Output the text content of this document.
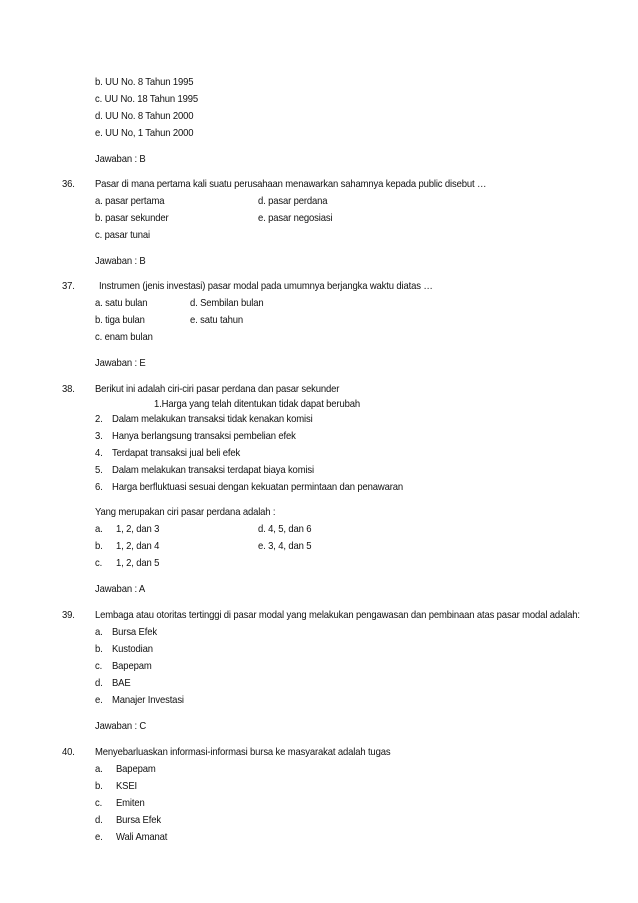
b. UU No. 8 Tahun 1995
c. UU No. 18 Tahun 1995
d. UU No. 8 Tahun 2000
e. UU No, 1 Tahun 2000
Jawaban : B
36. Pasar di mana pertama kali suatu perusahaan menawarkan sahamnya kepada public disebut …
a. pasar pertama	d. pasar perdana
b. pasar sekunder	e. pasar negosiasi
c. pasar tunai
Jawaban : B
37. Instrumen (jenis investasi) pasar modal pada umumnya berjangka waktu diatas …
a. satu bulan	d. Sembilan bulan
b. tiga bulan	e. satu tahun
c. enam bulan
Jawaban : E
38. Berikut ini adalah ciri-ciri pasar perdana dan pasar sekunder
1.Harga yang telah ditentukan tidak dapat berubah
2. Dalam melakukan transaksi tidak kenakan komisi
3. Hanya berlangsung transaksi pembelian efek
4. Terdapat transaksi jual beli efek
5. Dalam melakukan transaksi terdapat biaya komisi
6. Harga berfluktuasi sesuai dengan kekuatan permintaan dan penawaran
Yang merupakan ciri pasar perdana adalah :
a. 1, 2, dan 3	d. 4, 5, dan 6
b. 1, 2, dan 4	e. 3, 4, dan 5
c. 1, 2, dan 5
Jawaban : A
39. Lembaga atau otoritas tertinggi di pasar modal yang melakukan pengawasan dan pembinaan atas pasar modal adalah:
a. Bursa Efek
b. Kustodian
c. Bapepam
d. BAE
e. Manajer Investasi
Jawaban : C
40. Menyebarluaskan informasi-informasi bursa ke masyarakat adalah tugas
a. Bapepam
b. KSEI
c. Emiten
d. Bursa Efek
e. Wali Amanat
